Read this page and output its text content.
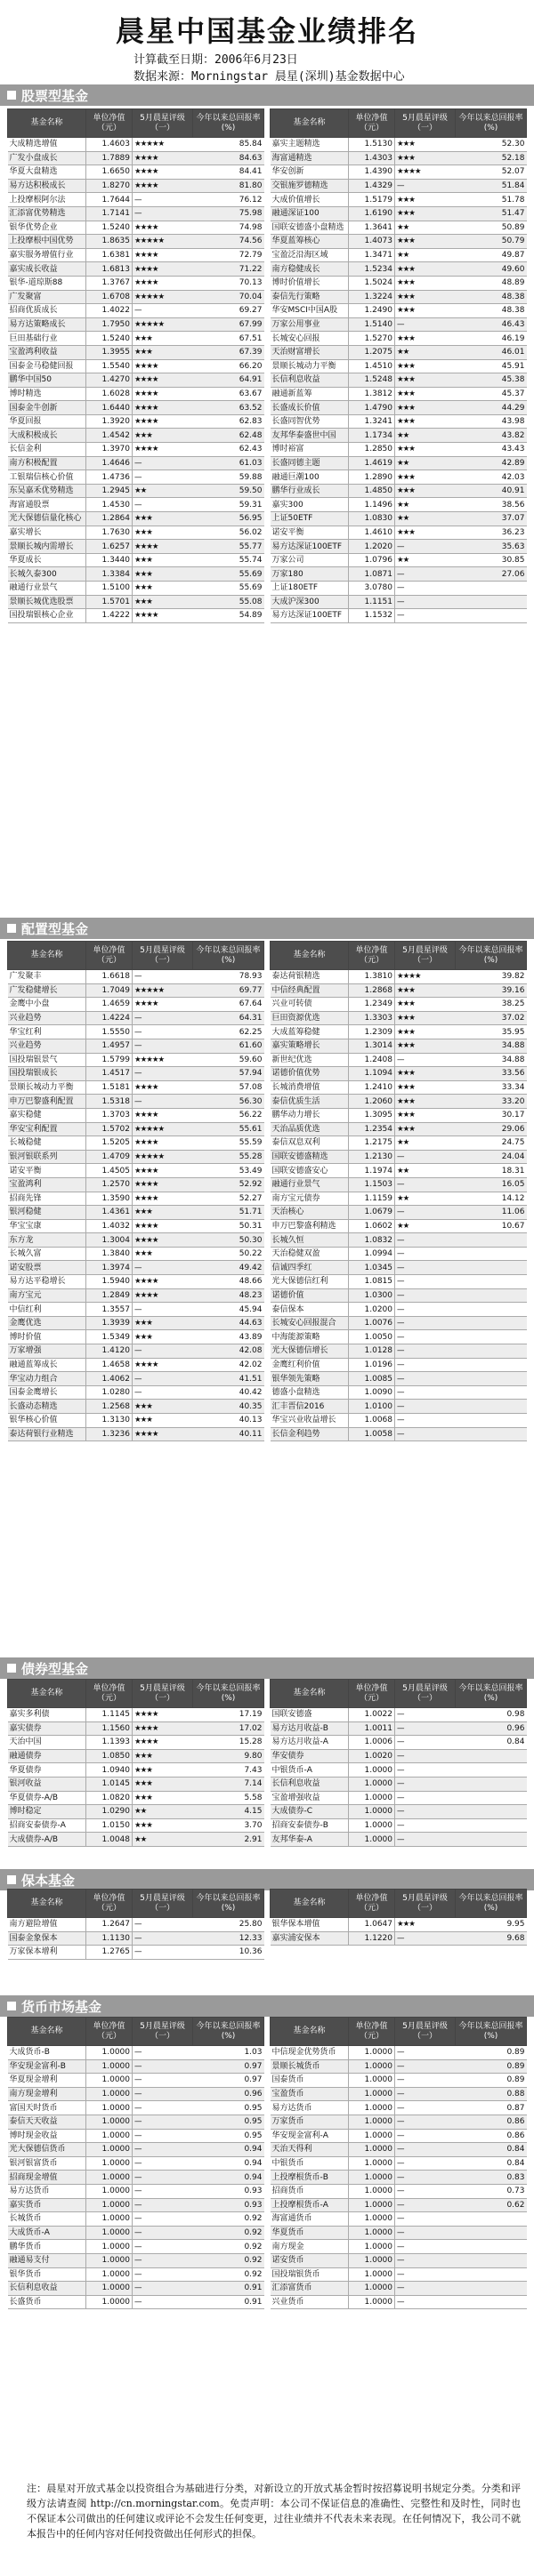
晨星中国基金业绩排名
计算截至日期：2006年6月23日
数据来源：Morningstar 晨星(深圳)基金数据中心
股票型基金
基金名称	单位净值（元）	5月晨星评级（一）	今年以来总回报率(%)
大成精选增值	1.4603	★★★★★	85.84
广发小盘成长	1.7889	★★★★	84.63
华夏大盘精选	1.6650	★★★★	84.41
易方达积极成长	1.8270	★★★★	81.80
上投摩根阿尔法	1.7644	—	76.12
汇添富优势精选	1.7141	—	75.98
银华优势企业	1.5240	★★★★	74.98
上投摩根中国优势	1.8635	★★★★★	74.56
嘉实服务增值行业	1.6381	★★★★	72.79
嘉实成长收益	1.6813	★★★★	71.22
银华-道琼斯88	1.3767	★★★★	70.13
广发聚富	1.6708	★★★★★	70.04
招商优质成长	1.4022	—	69.27
易方达策略成长	1.7950	★★★★★	67.99
巨田基础行业	1.5240	★★★	67.51
宝盈鸿利收益	1.3955	★★★	67.39
国泰金马稳健回报	1.5540	★★★★	66.20
鹏华中国50	1.4270	★★★★	64.91
博时精选	1.6028	★★★★	63.67
国泰金牛创新	1.6440	★★★★	63.52
华夏回报	1.3920	★★★★	62.83
大成积极成长	1.4542	★★★	62.48
长信金利	1.3970	★★★★	62.43
南方积极配置	1.4646	—	61.03
工银瑞信核心价值	1.4736	—	59.88
东吴嘉禾优势精选	1.2945	★★	59.50
海富通股票	1.4530	—	59.31
光大保德信量化核心	1.2864	★★★	56.95
嘉实增长	1.7630	★★★	56.02
景顺长城内需增长	1.6257	★★★★	55.77
华夏成长	1.3440	★★★	55.74
长城久泰300	1.3384	★★★	55.69
融通行业景气	1.5100	★★★	55.69
景顺长城优选股票	1.5701	★★★	55.08
国投瑞银核心企业	1.4222	★★★★	54.89
基金名称	单位净值（元）	5月晨星评级（一）	今年以来总回报率(%)
嘉实主题精选	1.5130	★★★	52.30
海富通精选	1.4303	★★★	52.18
华安创新	1.4390	★★★★	52.07
交银施罗德精选	1.4329	—	51.84
大成价值增长	1.5179	★★★	51.78
融通深证100	1.6190	★★★	51.47
国联安德盛小盘精选	1.3641	★★	50.89
华夏蓝筹核心	1.4073	★★★	50.79
宝盈泛沿海区域	1.3471	★★	49.87
南方稳健成长	1.5234	★★★	49.60
博时价值增长	1.5024	★★★	48.89
泰信先行策略	1.3224	★★★	48.38
华安MSCI中国A股	1.2490	★★★	48.38
万家公用事业	1.5140	—	46.43
长城安心回报	1.5270	★★★	46.19
天治财富增长	1.2075	★★	46.01
景顺长城动力平衡	1.4510	★★★	45.91
长信利息收益	1.5248	★★★	45.38
融通新蓝筹	1.3812	★★★	45.37
长盛成长价值	1.4790	★★★	44.29
长盛同智优势	1.3241	★★★	43.98
友邦华泰盛世中国	1.1734	★★	43.82
博时裕富	1.2850	★★★	43.43
长盛同德主题	1.4619	★★	42.89
融通巨潮100	1.2890	★★★	42.03
鹏华行业成长	1.4850	★★★	40.91
嘉实300	1.1496	★★	38.56
上证50ETF	1.0830	★★	37.07
诺安平衡	1.4610	★★★	36.23
易方达深证100ETF	1.2020	—	35.63
万家公司	1.0796	★★	30.85
万家180	1.0871	—	27.06
上证180ETF	3.0780	—	
大成沪深300	1.1151	—	
易方达深证100ETF	1.1532	—	
配置型基金
基金名称	单位净值（元）	5月晨星评级（一）	今年以来总回报率(%)
广发聚丰	1.6618	—	78.93
广发稳健增长	1.7049	★★★★★	69.77
金鹰中小盘	1.4659	★★★★	67.64
兴业趋势	1.4224	—	64.31
华宝红利	1.5550	—	62.25
兴业趋势	1.4957	—	61.60
国投瑞银景气	1.5799	★★★★★	59.60
国投瑞银成长	1.4517	—	57.94
景顺长城动力平衡	1.5181	★★★★	57.08
申万巴黎盛利配置	1.5318	—	56.30
嘉实稳健	1.3703	★★★★	56.22
华安宝利配置	1.5702	★★★★★	55.61
长城稳健	1.5205	★★★★	55.59
银河银联系列	1.4709	★★★★★	55.28
诺安平衡	1.4505	★★★★	53.49
宝盈鸿利	1.2570	★★★★	52.92
招商先锋	1.3590	★★★★	52.27
银河稳健	1.4361	★★★	51.71
华宝宝康	1.4032	★★★★	50.31
东方龙	1.3004	★★★★	50.30
长城久富	1.3840	★★★	50.22
诺安股票	1.3974	—	49.42
易方达平稳增长	1.5940	★★★★	48.66
南方宝元	1.2849	★★★★	48.23
中信红利	1.3557	—	45.94
金鹰优选	1.3939	★★★	44.63
博时价值	1.5349	★★★	43.89
万家增强	1.4120	—	42.08
融通蓝筹成长	1.4658	★★★★	42.02
华宝动力组合	1.4062	—	41.51
国泰金鹰增长	1.0280	—	40.42
长盛动态精选	1.2568	★★★	40.35
银华核心价值	1.3130	★★★	40.13
泰达荷银行业精选	1.3236	★★★★	40.11
基金名称	单位净值（元）	5月晨星评级（一）	今年以来总回报率(%)
泰达荷银精选	1.3810	★★★★	39.82
中信经典配置	1.2868	★★★	39.16
兴业可转债	1.2349	★★★	38.25
巨田资源优选	1.3303	★★★	37.02
大成蓝筹稳健	1.2309	★★★	35.95
嘉实策略增长	1.3014	★★★	34.88
新世纪优选	1.2408	—	34.88
诺德价值优势	1.1094	★★★	33.56
长城消费增值	1.2410	★★★	33.34
泰信优质生活	1.2060	★★★	33.20
鹏华动力增长	1.3095	★★★	30.17
天治品质优选	1.2354	★★★	29.06
泰信双息双利	1.2175	★★	24.75
国联安德盛精选	1.2130	—	24.04
国联安德盛安心	1.1974	★★	18.31
融通行业景气	1.1503	—	16.05
南方宝元债券	1.1159	★★	14.12
天治核心	1.0679	—	11.06
申万巴黎盛利精选	1.0602	★★	10.67
长城久恒	1.0832	—	
天治稳健双盈	1.0994	—	
信诚四季红	1.0345	—	
光大保德信红利	1.0815	—	
诺德价值	1.0300	—	
泰信保本	1.0200	—	
长城安心回报混合	1.0076	—	
中海能源策略	1.0050	—	
光大保德信增长	1.0128	—	
金鹰红利价值	1.0196	—	
银华领先策略	1.0085	—	
德盛小盘精选	1.0090	—	
汇丰晋信2016	1.0100	—	
华宝兴业收益增长	1.0068	—	
长信金利趋势	1.0058	—	
债券型基金
基金名称	单位净值（元）	5月晨星评级（一）	今年以来总回报率(%)
嘉实多利债	1.1145	★★★★	17.19
嘉实债券	1.1560	★★★★	17.02
天治中国	1.1393	★★★★	15.28
融通债券	1.0850	★★★	9.80
华夏债券	1.0940	★★★	7.43
银河收益	1.0145	★★★	7.14
华夏债券-A/B	1.0820	★★★	5.58
博时稳定	1.0290	★★	4.15
招商安泰债券-A	1.0150	★★★	3.70
大成债券-A/B	1.0048	★★	2.91
基金名称	单位净值（元）	5月晨星评级（一）	今年以来总回报率(%)
国联安德盛	1.0022	—	0.98
易方达月收益-B	1.0011	—	0.96
易方达月收益-A	1.0006	—	0.84
华安债券	1.0020	—	
中银货币-A	1.0000	—	
长信利息收益	1.0000	—	
宝盈增强收益	1.0000	—	
大成债券-C	1.0000	—	
招商安泰债券-B	1.0000	—	
友邦华泰-A	1.0000	—	
保本基金
基金名称	单位净值（元）	5月晨星评级（一）	今年以来总回报率(%)
南方避险增值	1.2647	—	25.80
国泰金象保本	1.1130	—	12.33
万家保本增利	1.2765	—	10.36
基金名称	单位净值（元）	5月晨星评级（一）	今年以来总回报率(%)
银华保本增值	1.0647	★★★	9.95
嘉实浦安保本	1.1220	—	9.68
货币市场基金
基金名称	单位净值（元）	5月晨星评级（一）	今年以来总回报率(%)
大成货币-B	1.0000	—	1.03
华安现金富利-B	1.0000	—	0.97
华夏现金增利	1.0000	—	0.97
南方现金增利	1.0000	—	0.96
富国天时货币	1.0000	—	0.95
泰信天天收益	1.0000	—	0.95
博时现金收益	1.0000	—	0.95
光大保德信货币	1.0000	—	0.94
银河银富货币	1.0000	—	0.94
招商现金增值	1.0000	—	0.94
易方达货币	1.0000	—	0.93
嘉实货币	1.0000	—	0.93
长城货币	1.0000	—	0.92
大成货币-A	1.0000	—	0.92
鹏华货币	1.0000	—	0.92
融通易支付	1.0000	—	0.92
银华货币	1.0000	—	0.92
长信利息收益	1.0000	—	0.91
长盛货币	1.0000	—	0.91
基金名称	单位净值（元）	5月晨星评级（一）	今年以来总回报率(%)
中信现金优势货币	1.0000	—	0.89
景顺长城货币	1.0000	—	0.89
国泰货币	1.0000	—	0.89
宝盈货币	1.0000	—	0.88
易方达货币	1.0000	—	0.87
万家货币	1.0000	—	0.86
华安现金富利-A	1.0000	—	0.86
天治天得利	1.0000	—	0.84
中银货币	1.0000	—	0.84
上投摩根货币-B	1.0000	—	0.83
招商货币	1.0000	—	0.73
上投摩根货币-A	1.0000	—	0.62
海富通货币	1.0000	—	
华夏货币	1.0000	—	
南方现金	1.0000	—	
诺安货币	1.0000	—	
国投瑞银货币	1.0000	—	
汇添富货币	1.0000	—	
兴业货币	1.0000	—	
注：晨星对开放式基金以投资组合为基础进行分类，对新设立的开放式基金暂时按招募说明书规定分类。分类和评级方法请查阅 http://cn.morningstar.com。免责声明：本公司不保证信息的准确性、完整性和及时性，同时也不保证本公司做出的任何建议或评论不会发生任何变更，过往业绩并不代表未来表现。在任何情况下，我公司不就本报告中的任何内容对任何投资做出任何形式的担保。
